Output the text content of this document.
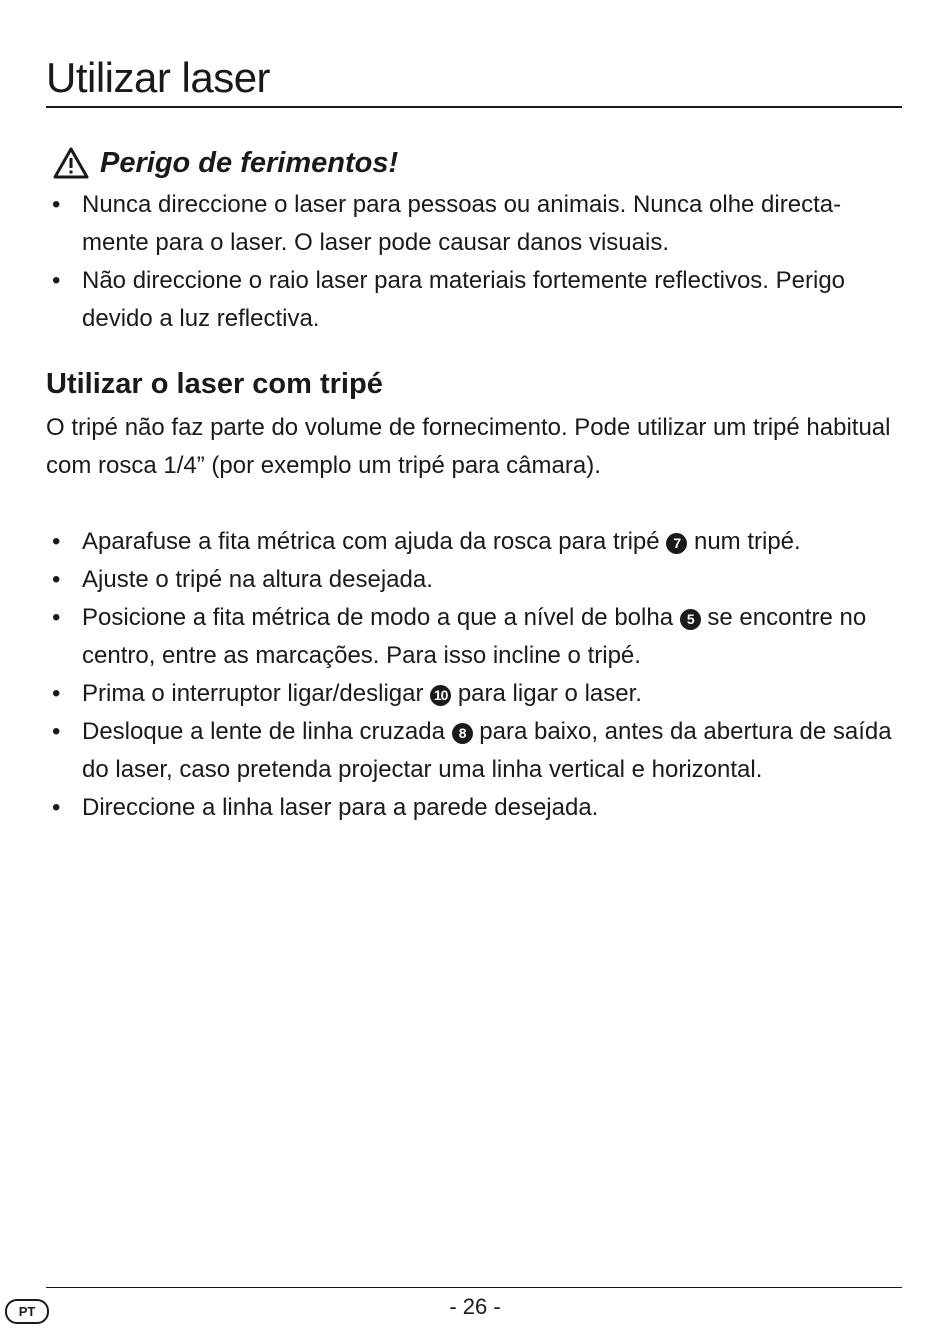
Utilizar laser
Perigo de ferimentos!
• Nunca direccione o laser para pessoas ou animais. Nunca olhe directa-mente para o laser. O laser pode causar danos visuais.
• Não direccione o raio laser para materiais fortemente reflectivos. Perigo devido a luz reflectiva.
Utilizar o laser com tripé

O tripé não faz parte do volume de fornecimento. Pode utilizar um tripé habitual com rosca 1/4” (por exemplo um tripé para câmara).

• Aparafuse a fita métrica com ajuda da rosca para tripé 7 num tripé.
• Ajuste o tripé na altura desejada.
• Posicione a fita métrica de modo a que a nível de bolha 5 se encontre no centro, entre as marcações. Para isso incline o tripé.
• Prima o interruptor ligar/desligar 10 para ligar o laser.
• Desloque a lente de linha cruzada 8 para baixo, antes da abertura de saída do laser, caso pretenda projectar uma linha vertical e horizontal.
• Direccione a linha laser para a parede desejada.
PT	- 26 -
